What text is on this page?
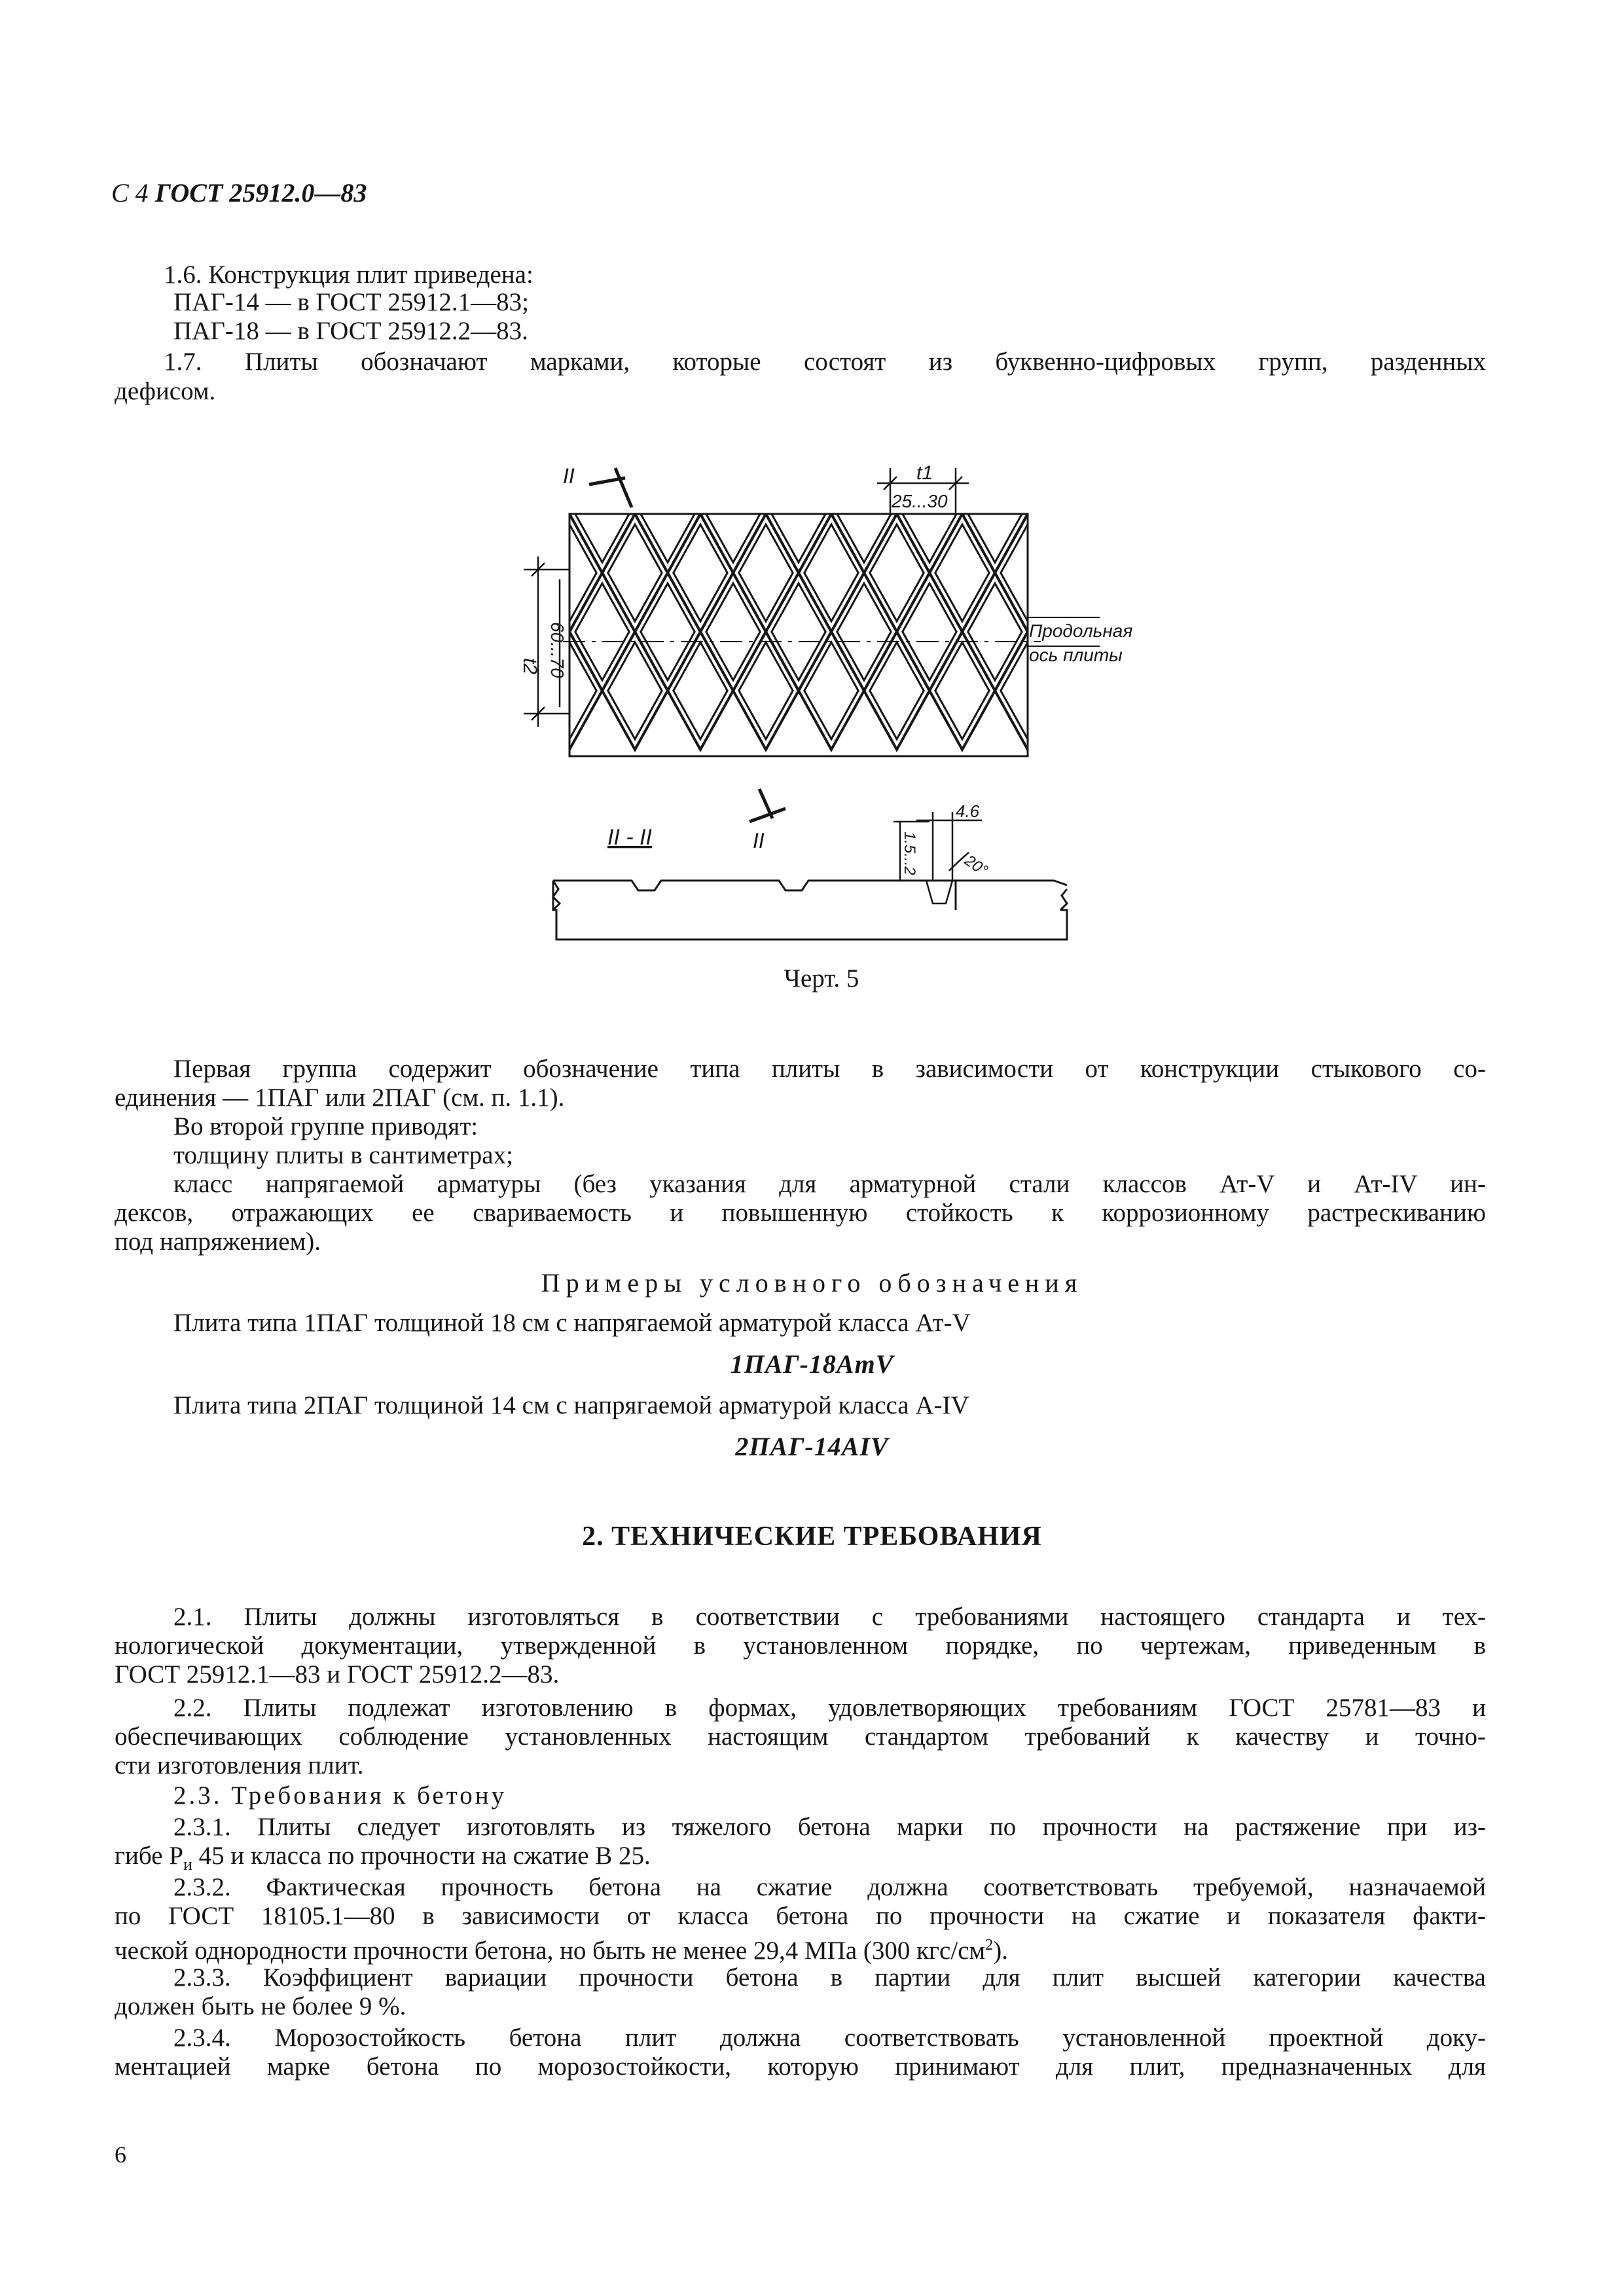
С 4 ГОСТ 25912.0—83
1.6. Конструкция плит приведена:
ПАГ-14 — в ГОСТ 25912.1—83;
ПАГ-18 — в ГОСТ 25912.2—83.
1.7. Плиты обозначают марками, которые состоят из буквенно-цифровых групп, разденных
дефисом.
t1
25...30
t2 60...70	Продольная
ось плиты
II
II
II - II
4.6
1.5...2	20°
Черт. 5
Первая группа содержит обозначение типа плиты в зависимости от конструкции стыкового со-
единения — 1ПАГ или 2ПАГ (см. п. 1.1).
Во второй группе приводят:
толщину плиты в сантиметрах;
класс напрягаемой арматуры (без указания для арматурной стали классов Ат-V и Ат-IV ин-
дексов, отражающих ее свариваемость и повышенную стойкость к коррозионному растрескиванию
под напряжением).
Примеры условного обозначения
Плита типа 1ПАГ толщиной 18 см с напрягаемой арматурой класса Ат-V
1ПАГ-18АтV
Плита типа 2ПАГ толщиной 14 см с напрягаемой арматурой класса А-IV
2ПАГ-14АIV
2. ТЕХНИЧЕСКИЕ ТРЕБОВАНИЯ
2.1. Плиты должны изготовляться в соответствии с требованиями настоящего стандарта и тех-
нологической документации, утвержденной в установленном порядке, по чертежам, приведенным в
ГОСТ 25912.1—83 и ГОСТ 25912.2—83.
2.2. Плиты подлежат изготовлению в формах, удовлетворяющих требованиям ГОСТ 25781—83 и
обеспечивающих соблюдение установленных настоящим стандартом требований к качеству и точно-
сти изготовления плит.
2.3. Требования к бетону
2.3.1. Плиты следует изготовлять из тяжелого бетона марки по прочности на растяжение при из-
гибе $P_и$ 45 и класса по прочности на сжатие В 25.
2.3.2. Фактическая прочность бетона на сжатие должна соответствовать требуемой, назначаемой
по ГОСТ 18105.1—80 в зависимости от класса бетона по прочности на сжатие и показателя факти-
ческой однородности прочности бетона, но быть не менее 29,4 МПа (300 кгс/$см^2$).
2.3.3. Коэффициент вариации прочности бетона в партии для плит высшей категории качества
должен быть не более 9 %.
2.3.4. Морозостойкость бетона плит должна соответствовать установленной проектной доку-
ментацией марке бетона по морозостойкости, которую принимают для плит, предназначенных для
6
